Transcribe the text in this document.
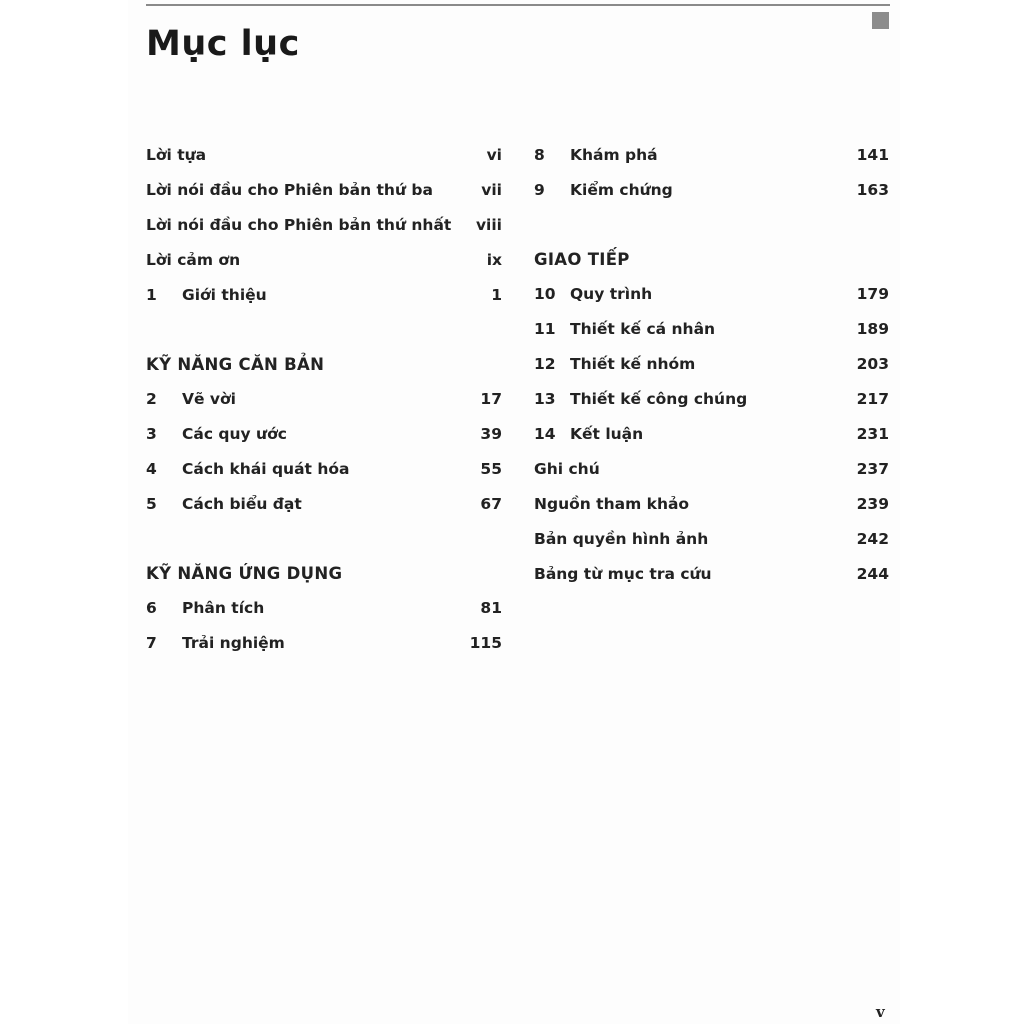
Mục lục
Lời tựa	vi
Lời nói đầu cho Phiên bản thứ ba	vii
Lời nói đầu cho Phiên bản thứ nhất viii
Lời cảm ơn	ix
1 Giới thiệu	1
KỸ NĂNG CĂN BẢN
2 Vẽ vời	17
3 Các quy ước	39
4 Cách khái quát hóa	55
5 Cách biểu đạt	67
KỸ NĂNG ỨNG DỤNG
6 Phân tích	81
7 Trải nghiệm	115
8 Khám phá	141
9 Kiểm chứng	163
GIAO TIẾP
10 Quy trình	179
11 Thiết kế cá nhân	189
12 Thiết kế nhóm	203
13 Thiết kế công chúng	217
14 Kết luận	231
Ghi chú	237
Nguồn tham khảo	239
Bản quyền hình ảnh	242
Bảng từ mục tra cứu	244
v
